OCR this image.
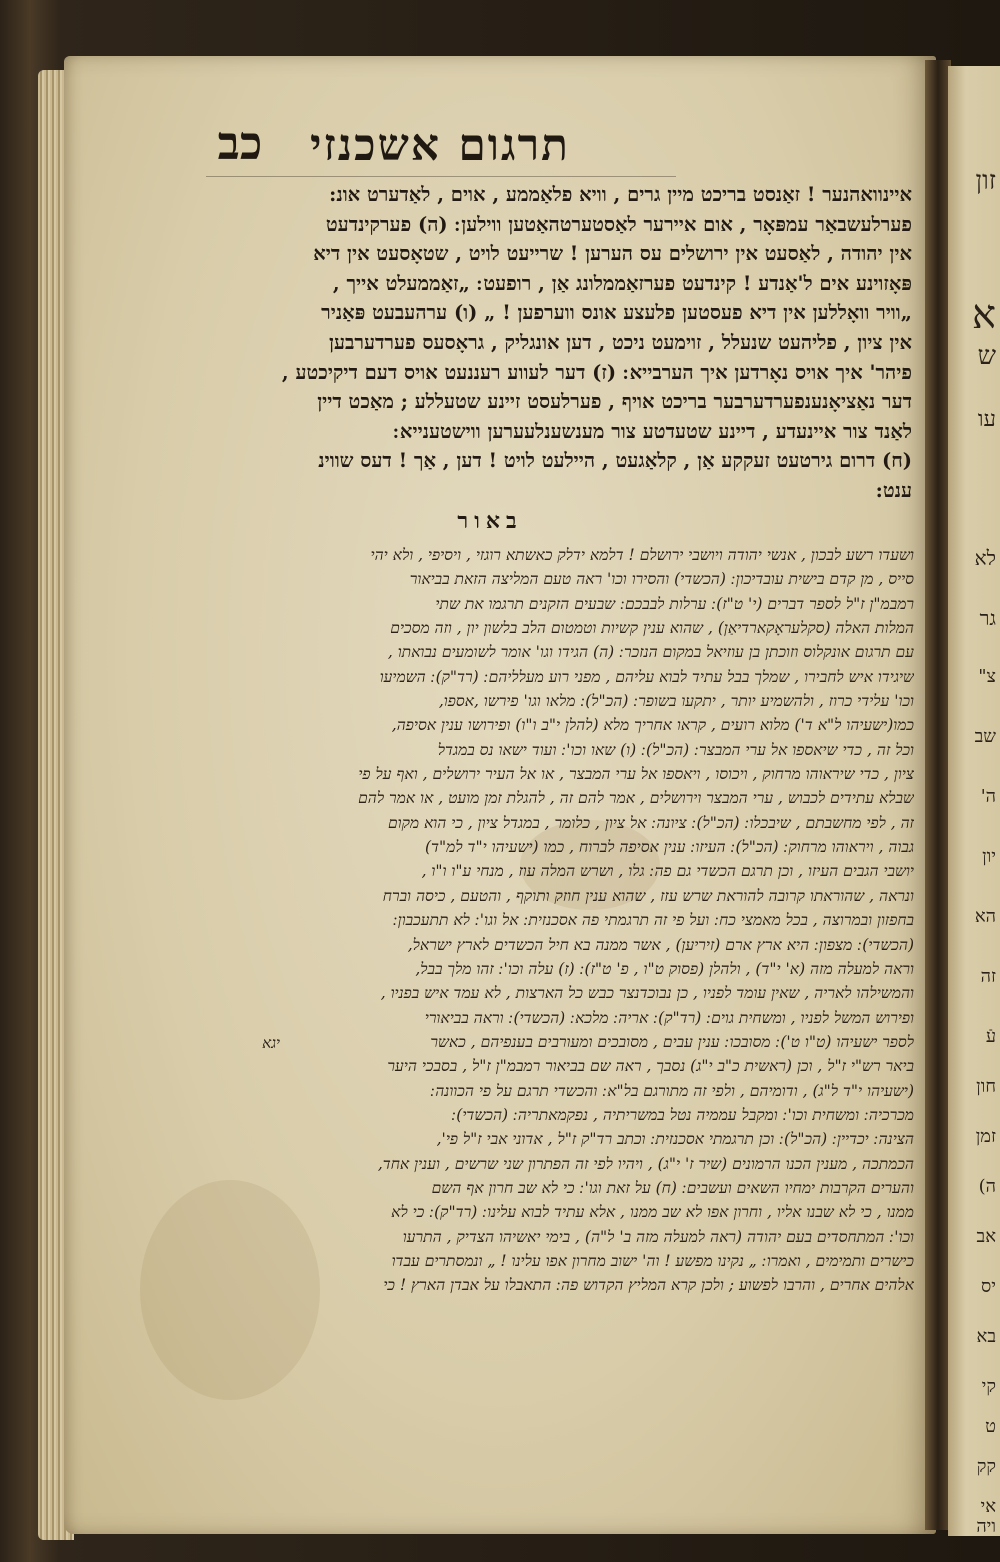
זון
א
ש
עו
לא
גר
צ"
שב
ה'
יון
הא
זה
עֿ
חון
זמן
ה)
אב
יס
בא
קי
ט
קק
אי
ויה
כב	תרגום אשכנזי
איינוואהנער ! זאַנסט בריכט מיין גרים , וויא פלאַממע , אוים , לאַדערט אונ:
פערלעשבאַר עמפּאָר , אום איירער לאַסטערטהאַטען ווילען ׃ (ה) פערקינדעט
אין יהודה , לאַסעט אין ירושלים עס הערען ! שרייעט לויט , שטאָסעט אין דיא
פּאָזוינע אים ל'אַנדע ! קינדעט פערזאַממלונג אַן , רופעט ׃ „זאַממעלט אייך ,
„וויר וואָללען אין דיא פעסטען פלעצע אונס ווערפען ! „ (ו) ערהעבעט פּאַניר
אין ציון , פליהעט שנעלל , זוימעט ניכט , דען אונגליק , גראָסעס פערדערבען
פיהר' איך אויס נאָרדען איך הערבייא ׃ (ז) דער לעווע רעננעט אויס דעם דיקיכטע ,
דער נאַציאָנענפערדערבער בריכט אויף , פערלעסט זיינע שטעללע ; מאַכט דיין
לאַנד צור איינעדע , דיינע שטעדטע צור מענשענלעערען ווישטענייא ׃
(ח) דרום גירטעט זעקקע אַן , קלאַגעט , היילעט לויט ! דען , אַך ! דעס שווינ
ענט:
באור
ושעדו רשע לבכון , אנשי יהודה ויושבי ירושלם ! דלמא ידלק כאשתא רוגזי , ויסיפי , ולא יהי
סייס , מן קדם בישית עובדיכון ׃ (הכשדי) והסירו וכו' ראה טעם המליצה הזאת בביאור
רמבמ"ן ז"ל לספר דברים (י' ט"ז) ׃ ערלות לבבכם ׃ שבעים הזקנים תרגמו את שתי
המלות האלה (סקלעראָקארדיאַן) , שהוא ענין קשיות וטמטום הלב בלשון יון , וזה מסכים
עם תרגום אונקלוס וזוכתן בן עוזיאל במקום הנזכר ׃ (ה) הגידו וגו' אומר לשומעים נבואתו ,
שיגידו איש לחבירו , שמלך בבל עתיד לבוא עליהם , מפני רוע מעלליהם ׃ (רד"ק) ׃ השמיעו
וכו' עלידי כרוז , ולהשמיע יותר , יתקעו בשופר ׃ (הכ"ל) ׃ מלאו וגו' פירשו ,אספו,
כמו(ישעיהו ל"א ד') מלוא רועים , קראו אחריך מלא (להלן י"ב ו"ו) ופירושו ענין אסיפה,
וכל זה , כדי שיאספו אל ערי המבצר ׃ (הכ"ל) ׃ (ו) שאו וכו' ׃ ועוד ישאו נס במגדל
ציון , כדי שיראוהו מרחוק , ויכוסו , ויאספו אל ערי המבצר , או אל העיר ירושלים , ואף על פי
שבלא עתידים לכבוש , ערי המבצר וירושלים , אמר להם זה , להגלת זמן מועט , או אמר להם
זה , לפי מחשבתם , שיבכלו ׃ (הכ"ל) ׃ ציונה ׃ אל ציון , כלומר , במגדל ציון , כי הוא מקום
גבוה , ויראוהו מרחוק ׃ (הכ"ל) ׃ העיזו ׃ ענין אסיפה לברוח , כמו (ישעיהו י"ד למ"ד)
יושבי הגבים העיזו , וכן תרגם הכשדי גם פה ׃ גלו , ושרש המלה עוז , מנחי ע"ו ו"ו ,
ונראה , שהוראתו קרובה להוראת שרש עזז , שהוא ענין חוזק ותוקף , והטעם , כיסה וברח
בחפזון ובמרוצה , בכל מאמצי כח ׃ ועל פי זה תרגמתי פה אסכנזית ׃ אל וגו' ׃ לא תתעכבון ׃
(הכשדי) ׃ מצפון ׃ היא ארץ ארם (זיריען) , אשר ממנה בא חיל הכשדים לארץ ישראל,
וראה למעלה מזה (א' י"ד) , ולהלן (פסוק ט"ו , פ' ט"ז) ׃ (ז) עלה וכו' ׃ זהו מלך בבל,
והמשילהו לאריה , שאין עומד לפניו , כן נבוכדנצר כבש כל הארצות , לא עמד איש בפניו ,
ופירוש המשל לפניו , ומשחית גוים ׃ (רד"ק) ׃ אריה ׃ מלכא ׃ (הכשדי) ׃ וראה בביאורי
לספר ישעיהו (ט"ו ט') ׃ מסובכו ׃ ענין עבים , מסובכים ומעורבים בענפיהם , כאשר
ביאר רש"י ז"ל , וכן (ראשית כ"ב י"ג) נסבך , ראה שם בביאור רמבמ"ן ז"ל , בסבכי היער
(ישעיהו י"ד ל"ג) , ודומיהם , ולפי זה מתורגם בל"א ׃ והכשדי תרגם על פי הכוונה ׃
מכרכיה ׃ ומשחית וכו' ׃ ומקבל עממיה נטל במשריתיה , נפקמאתריה ׃ (הכשדי) ׃
הצינה ׃ יכדיין ׃ (הכ"ל) ׃ וכן תרגמתי אסכנזית ׃ וכתב רד"ק ז"ל , אדוני אבי ז"ל פי',
הכמתכה , מענין הכנו הרמונים (שיר ז' י"ג) , ויהיו לפי זה הפתרון שני שרשים , וענין אחד,
והערים הקרבות ימחיו השאים ועשבים ׃ (ח) על זאת וגו' ׃ כי לא שב חרון אף השם
ממנו , כי לא שבנו אליו , וחרון אפו לא שב ממנו , אלא עתיד לבוא עלינו ׃ (רד"ק) ׃ כי לא
וכו' ׃ המתחסדים בעם יהודה (ראה למעלה מזה ב' ל"ה) , בימי יאשיהו הצדיק , התרעו
כישרים ותמימים , ואמרו ׃ „ נקינו מפשע ! וה' ישוב מחרון אפו עלינו ! „ ונמסתרים עבדו
אלהים אחרים , והרבו לפשוע ; ולכן קרא המליץ הקדוש פה ׃ התאבלו על אבדן הארץ ! כי
יגא
